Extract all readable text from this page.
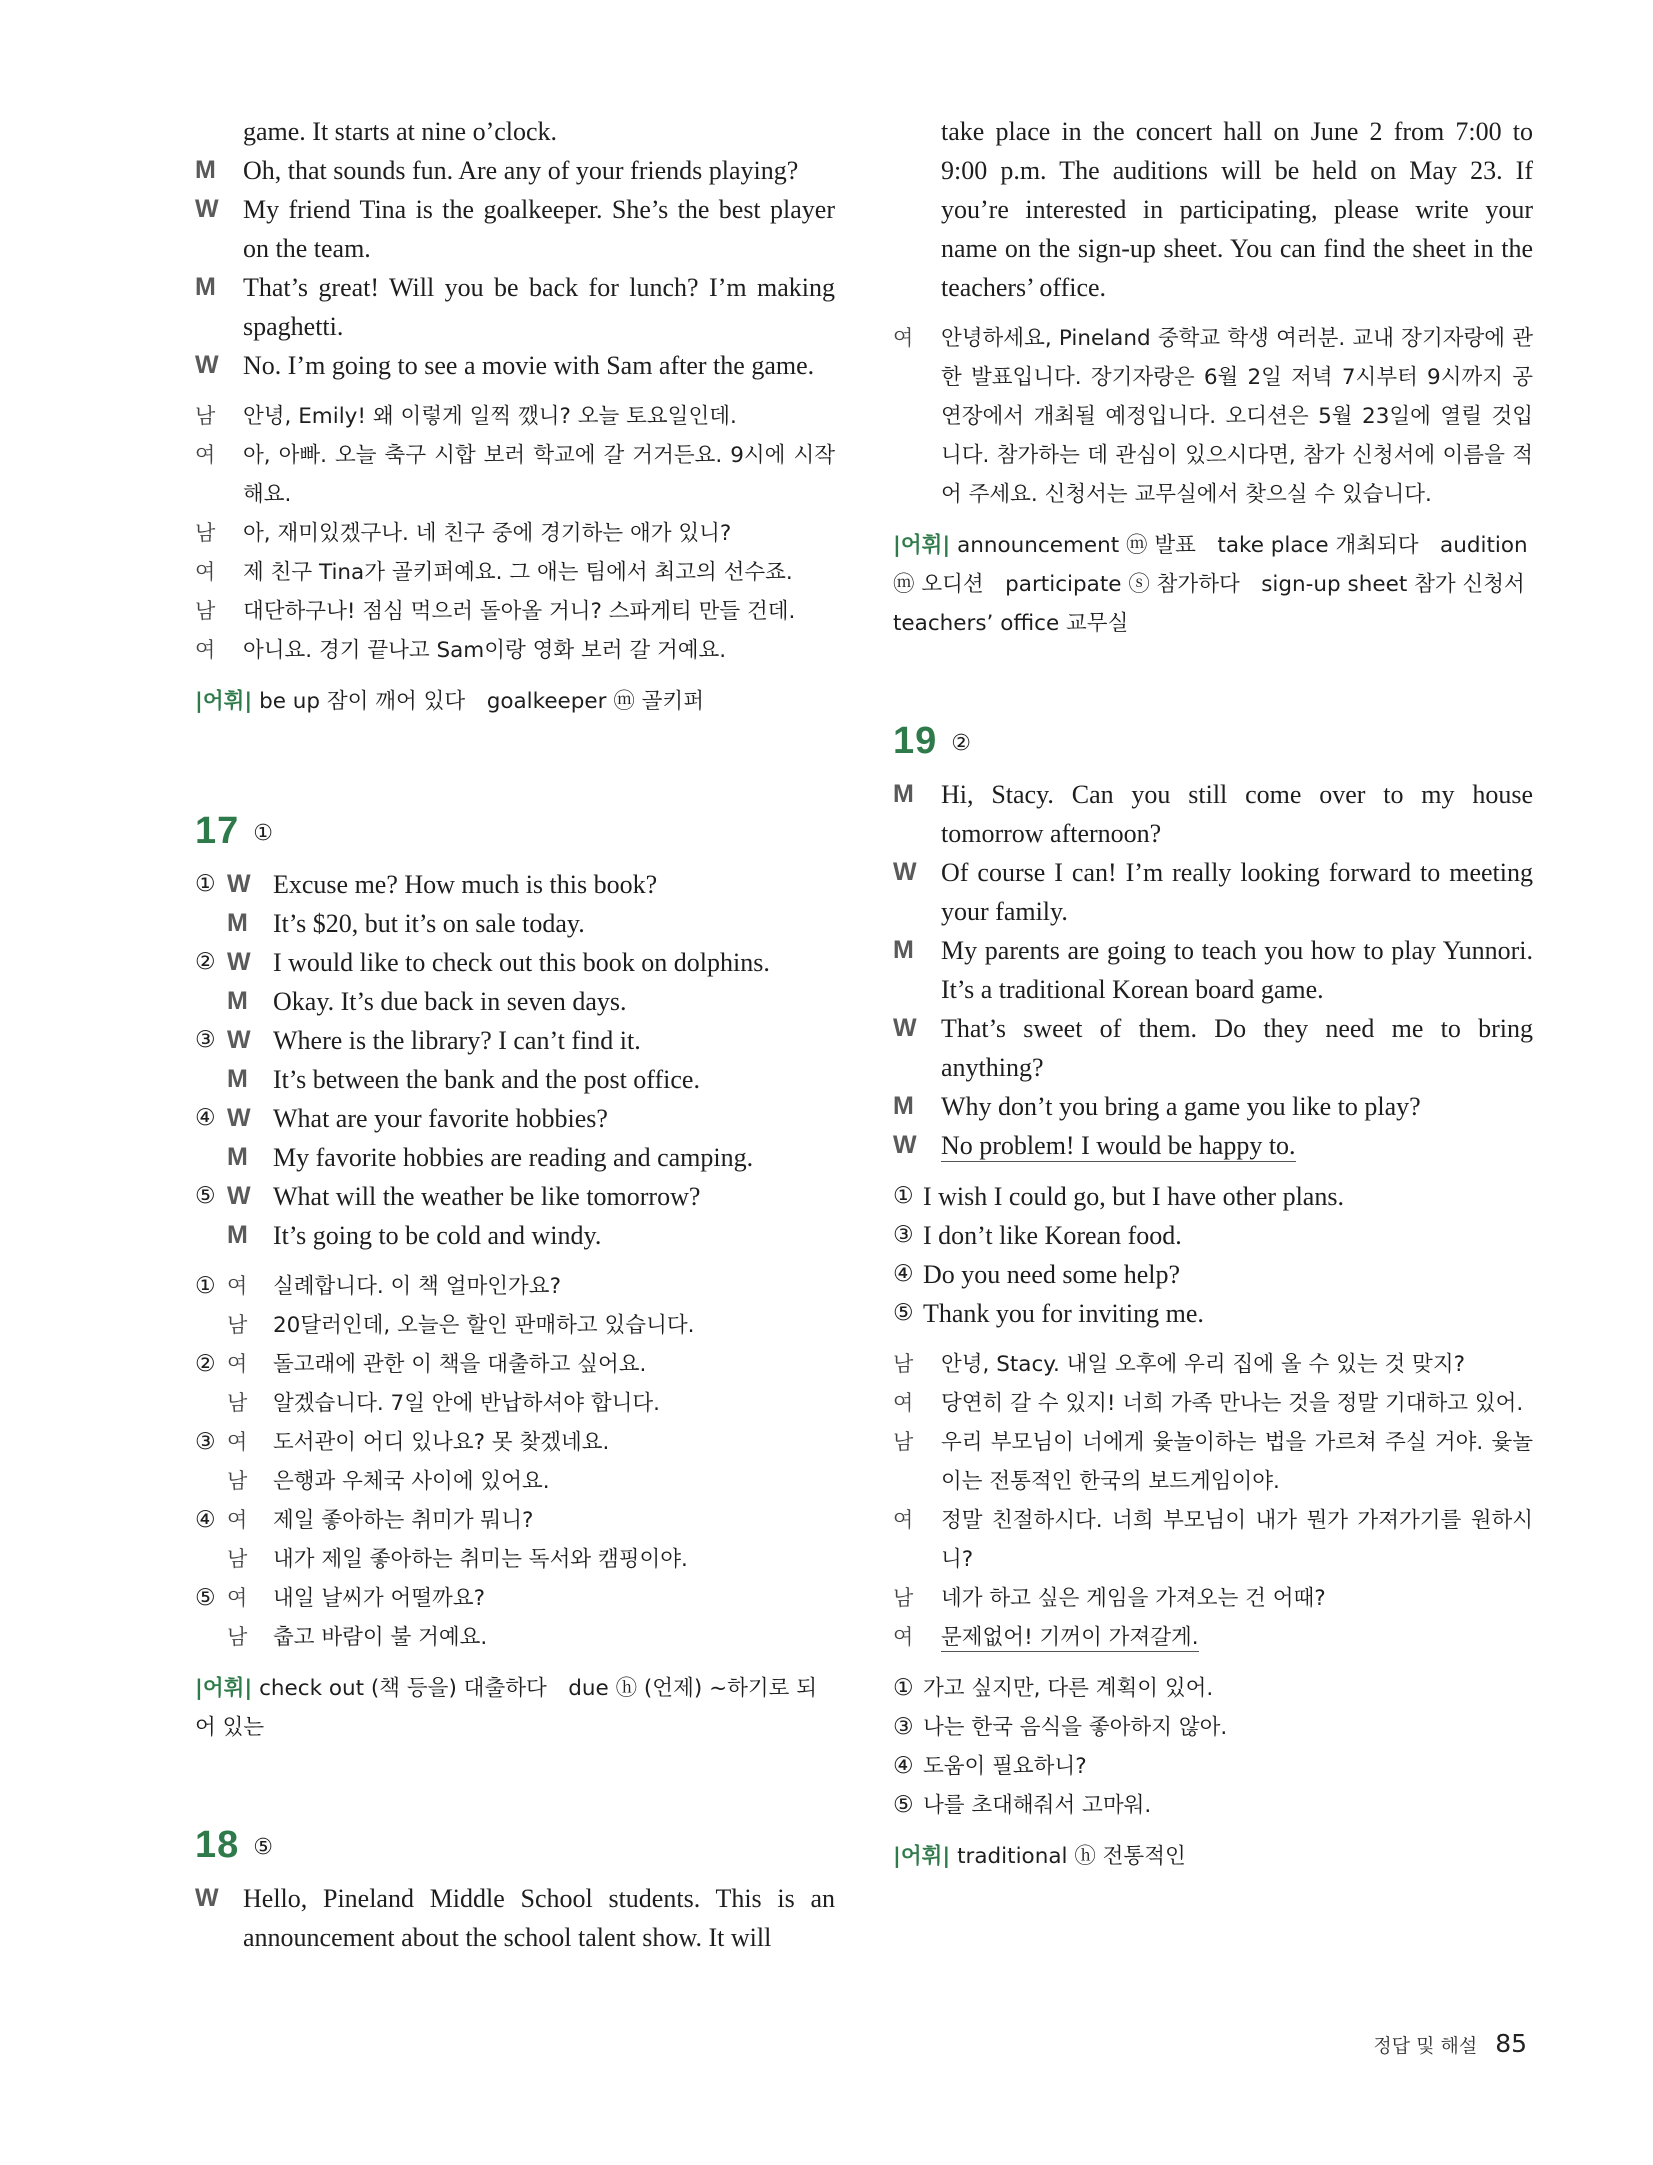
game. It starts at nine o’clock.
M Oh, that sounds fun. Are any of your friends playing?
W My friend Tina is the goalkeeper. She’s the best player on the team.
M That’s great! Will you be back for lunch? I’m making spaghetti.
W No. I’m going to see a movie with Sam after the game.
남 안녕, Emily! 왜 이렇게 일찍 깼니? 오늘 토요일인데.
여 아, 아빠. 오늘 축구 시합 보러 학교에 갈 거거든요. 9시에 시작해요.
남 아, 재미있겠구나. 네 친구 중에 경기하는 애가 있니?
여 제 친구 Tina가 골키퍼예요. 그 애는 팀에서 최고의 선수죠.
남 대단하구나! 점심 먹으러 돌아올 거니? 스파게티 만들 건데.
여 아니요. 경기 끝나고 Sam이랑 영화 보러 갈 거예요.
|어휘| be up 잠이 깨어 있다　goalkeeper ⓜ 골키퍼
17 ①
① W Excuse me? How much is this book?
M It’s $20, but it’s on sale today.
② W I would like to check out this book on dolphins.
M Okay. It’s due back in seven days.
③ W Where is the library? I can’t find it.
M It’s between the bank and the post office.
④ W What are your favorite hobbies?
M My favorite hobbies are reading and camping.
⑤ W What will the weather be like tomorrow?
M It’s going to be cold and windy.
① 여 실례합니다. 이 책 얼마인가요?
남 20달러인데, 오늘은 할인 판매하고 있습니다.
② 여 돌고래에 관한 이 책을 대출하고 싶어요.
남 알겠습니다. 7일 안에 반납하셔야 합니다.
③ 여 도서관이 어디 있나요? 못 찾겠네요.
남 은행과 우체국 사이에 있어요.
④ 여 제일 좋아하는 취미가 뭐니?
남 내가 제일 좋아하는 취미는 독서와 캠핑이야.
⑤ 여 내일 날씨가 어떨까요?
남 춥고 바람이 불 거예요.
|어휘| check out (책 등을) 대출하다　due ⓗ (언제) ~하기로 되어 있는
18 ⑤
W Hello, Pineland Middle School students. This is an announcement about the school talent show. It will
take place in the concert hall on June 2 from 7:00 to 9:00 p.m. The auditions will be held on May 23. If you’re interested in participating, please write your name on the sign-up sheet. You can find the sheet in the teachers’ office.
여 안녕하세요, Pineland 중학교 학생 여러분. 교내 장기자랑에 관한 발표입니다. 장기자랑은 6월 2일 저녁 7시부터 9시까지 공연장에서 개최될 예정입니다. 오디션은 5월 23일에 열릴 것입니다. 참가하는 데 관심이 있으시다면, 참가 신청서에 이름을 적어 주세요. 신청서는 교무실에서 찾으실 수 있습니다.
|어휘| announcement ⓜ 발표　take place 개최되다　audition ⓜ 오디션　participate ⓢ 참가하다　sign-up sheet 참가 신청서　teachers’ office 교무실
19 ②
M Hi, Stacy. Can you still come over to my house tomorrow afternoon?
W Of course I can! I’m really looking forward to meeting your family.
M My parents are going to teach you how to play Yunnori. It’s a traditional Korean board game.
W That’s sweet of them. Do they need me to bring anything?
M Why don’t you bring a game you like to play?
W No problem! I would be happy to.
① I wish I could go, but I have other plans.
③ I don’t like Korean food.
④ Do you need some help?
⑤ Thank you for inviting me.
남 안녕, Stacy. 내일 오후에 우리 집에 올 수 있는 것 맞지?
여 당연히 갈 수 있지! 너희 가족 만나는 것을 정말 기대하고 있어.
남 우리 부모님이 너에게 윷놀이하는 법을 가르쳐 주실 거야. 윷놀이는 전통적인 한국의 보드게임이야.
여 정말 친절하시다. 너희 부모님이 내가 뭔가 가져가기를 원하시니?
남 네가 하고 싶은 게임을 가져오는 건 어때?
여 문제없어! 기꺼이 가져갈게.
① 가고 싶지만, 다른 계획이 있어.
③ 나는 한국 음식을 좋아하지 않아.
④ 도움이 필요하니?
⑤ 나를 초대해줘서 고마워.
|어휘| traditional ⓗ 전통적인
정답 및 해설 85
